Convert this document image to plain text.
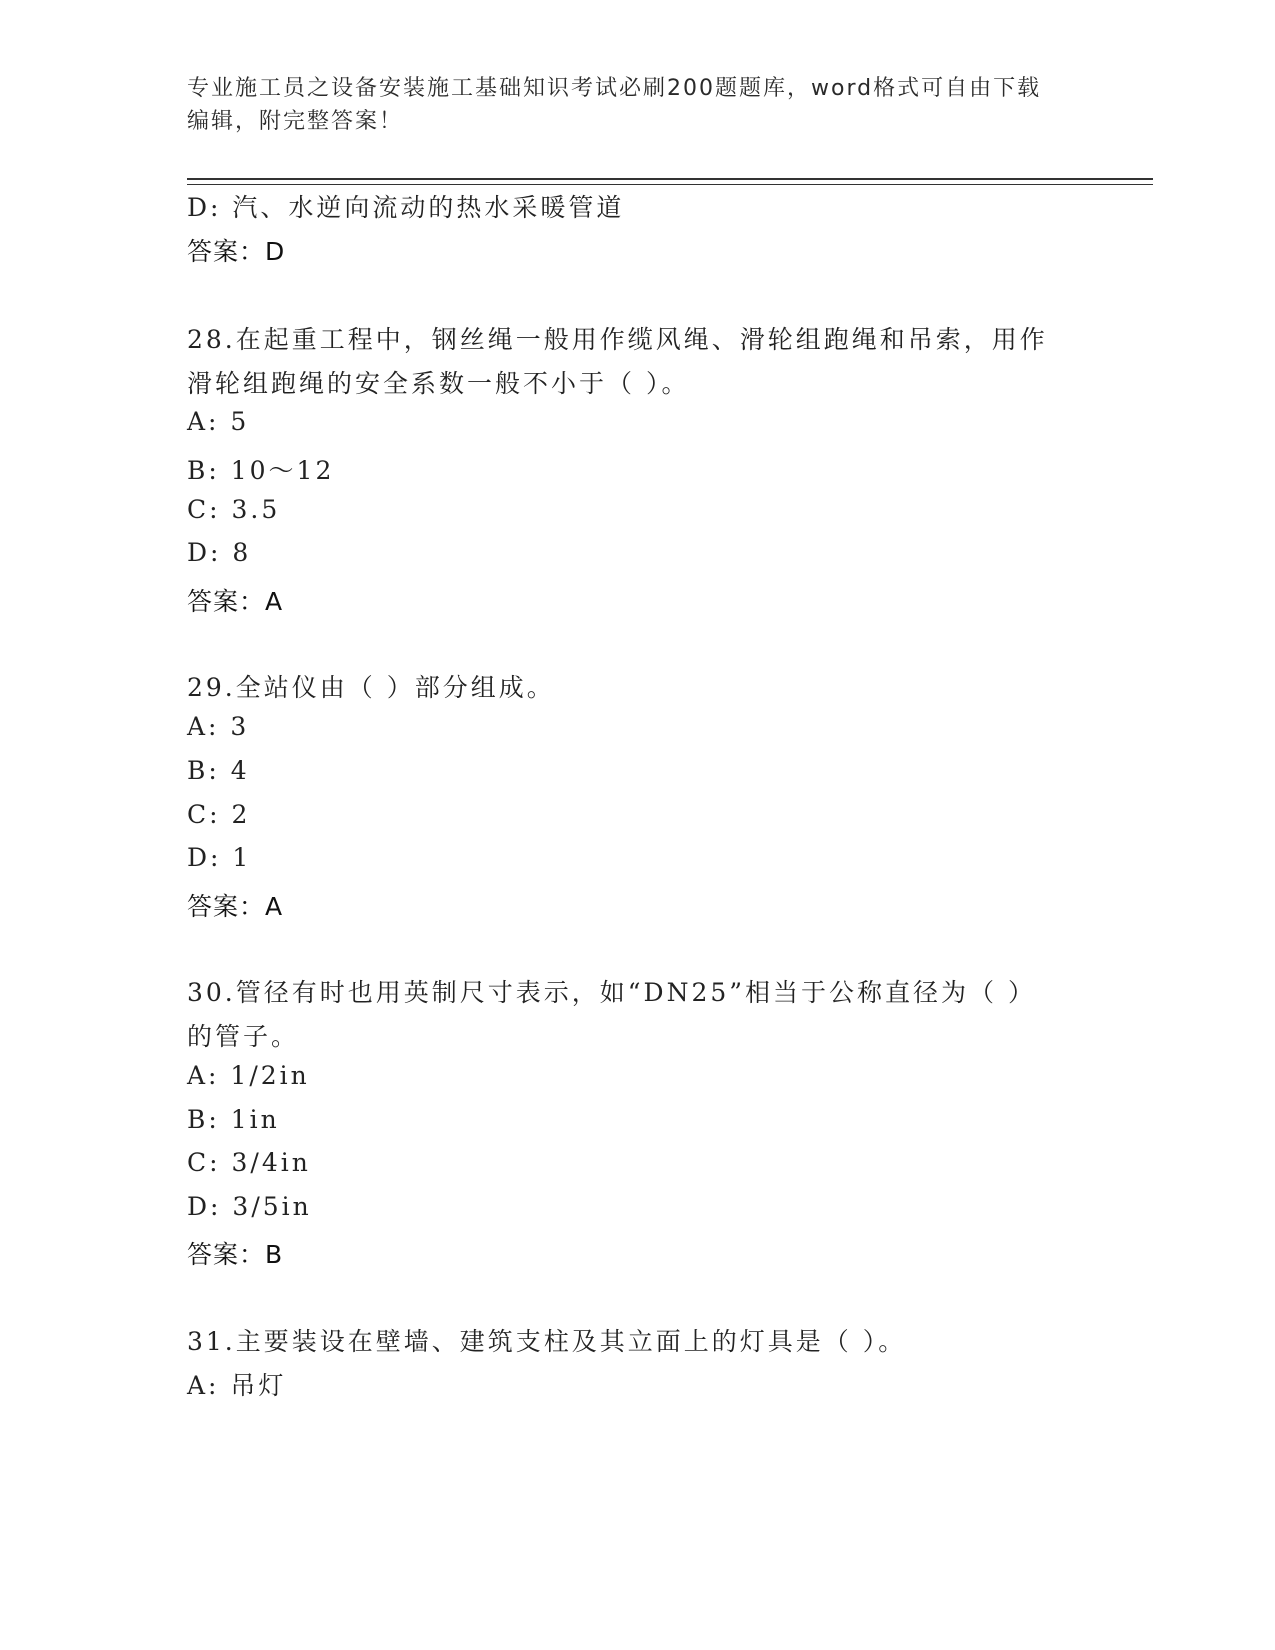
专业施工员之设备安装施工基础知识考试必刷200题题库，word格式可自由下载
编辑，附完整答案！
D: 汽、水逆向流动的热水采暖管道
答案：D
28.在起重工程中，钢丝绳一般用作缆风绳、滑轮组跑绳和吊索，用作
滑轮组跑绳的安全系数一般不小于（ ）。
A: 5
B: 10～12
C: 3.5
D: 8
答案：A
29.全站仪由（ ）部分组成。
A: 3
B: 4
C: 2
D: 1
答案：A
30.管径有时也用英制尺寸表示，如“DN25”相当于公称直径为（ ）
的管子。
A: 1/2in
B: 1in
C: 3/4in
D: 3/5in
答案：B
31.主要装设在壁墙、建筑支柱及其立面上的灯具是（ ）。
A: 吊灯
